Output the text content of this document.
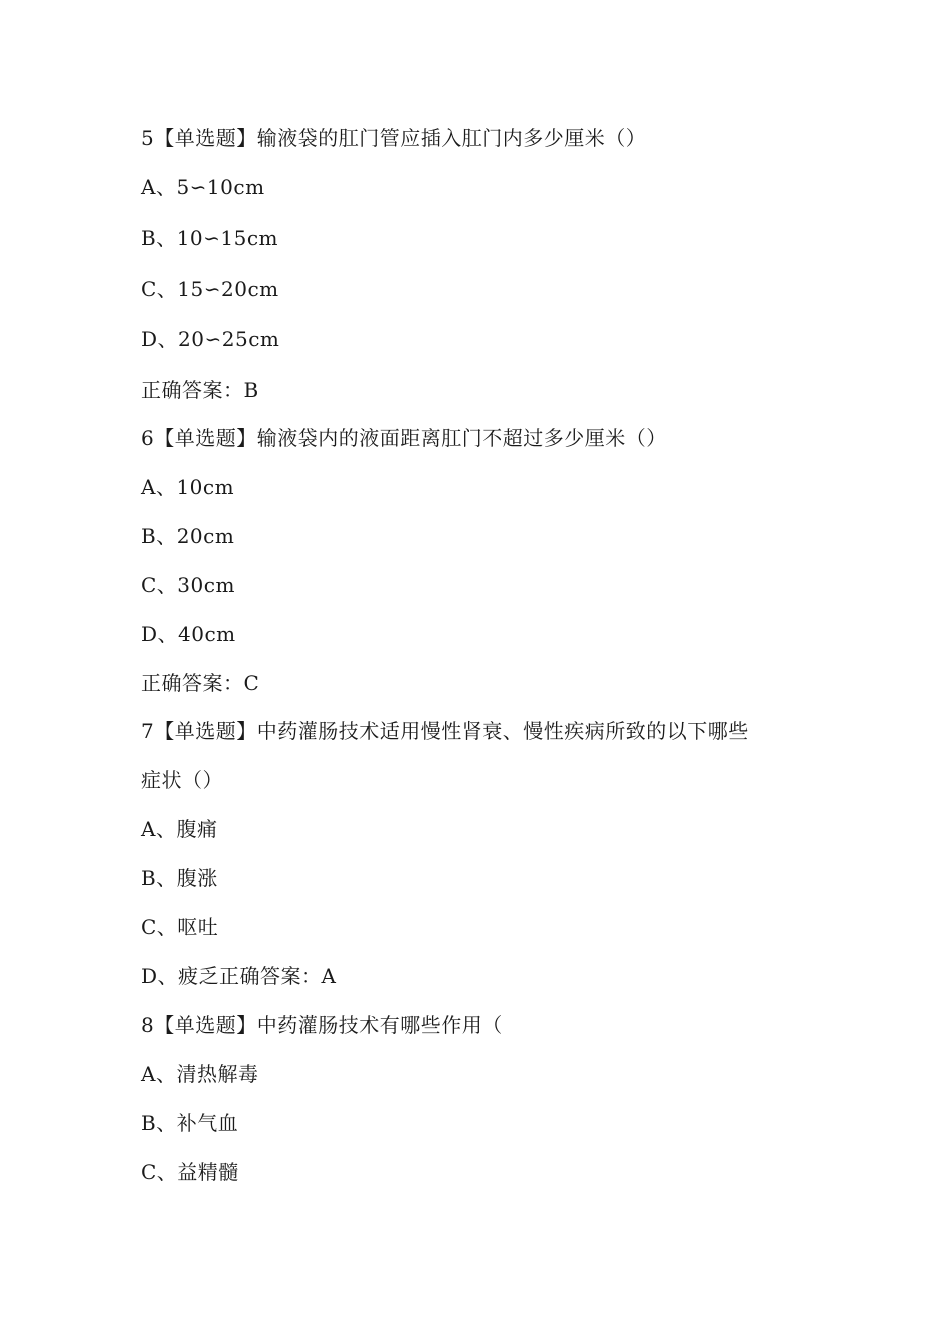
5【单选题】输液袋的肛门管应插入肛门内多少厘米（）
A、5∽10cm
B、10∽15cm
C、15∽20cm
D、20∽25cm
正确答案：B
6【单选题】输液袋内的液面距离肛门不超过多少厘米（）
A、10cm
B、20cm
C、30cm
D、40cm
正确答案：C
7【单选题】中药灌肠技术适用慢性肾衰、慢性疾病所致的以下哪些
症状（）
A、腹痛
B、腹涨
C、呕吐
D、疲乏正确答案：A
8【单选题】中药灌肠技术有哪些作用（
A、清热解毒
B、补气血
C、益精髓
